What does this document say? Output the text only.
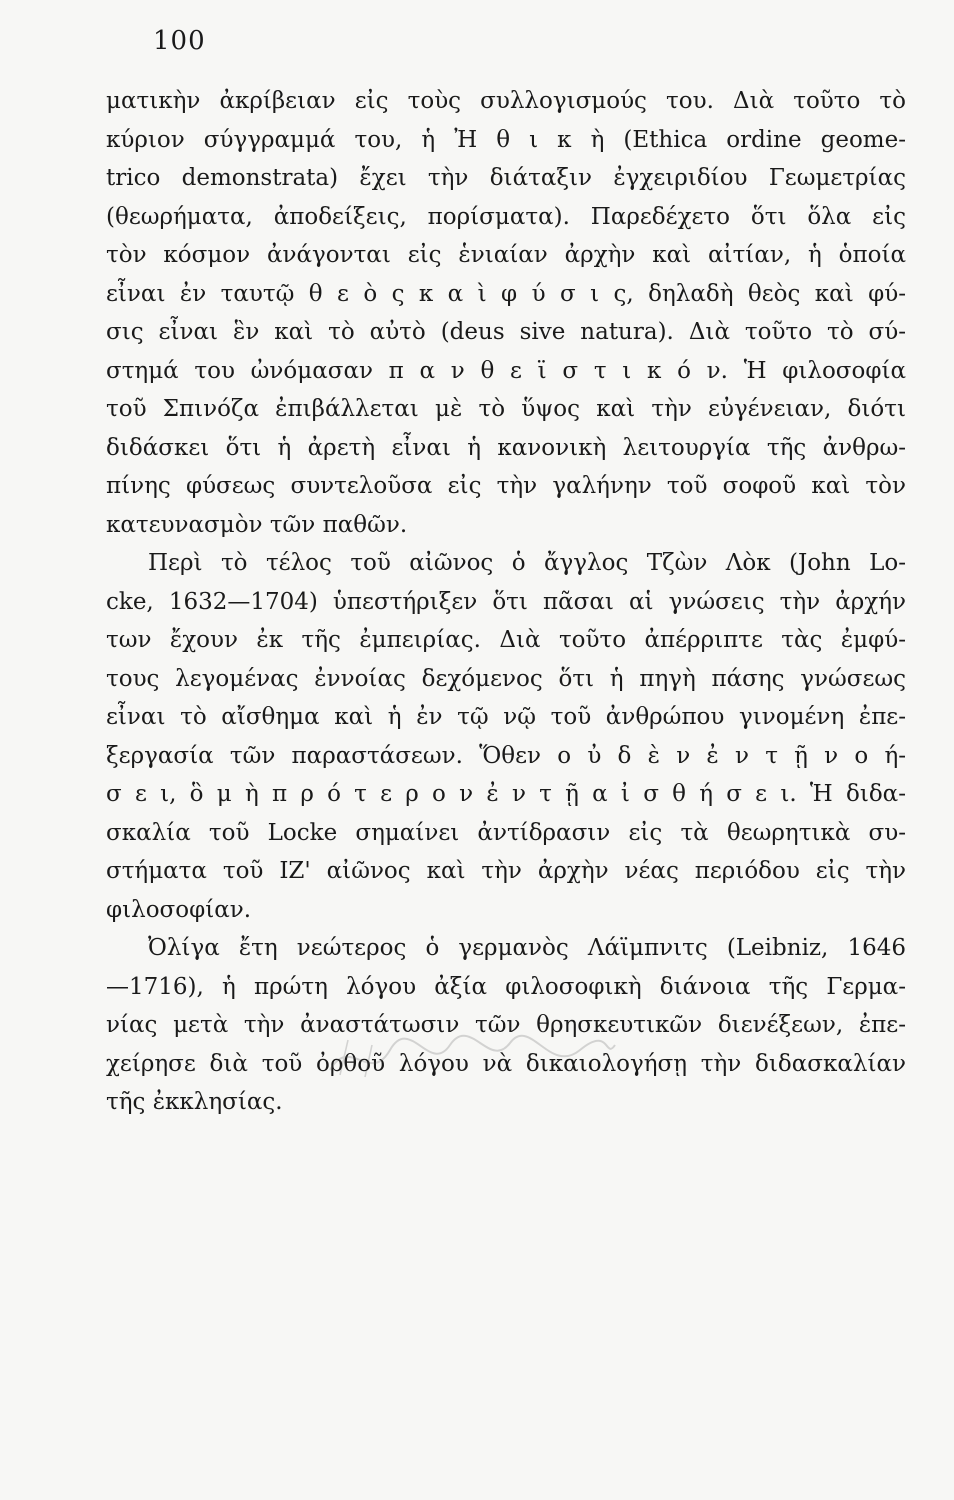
100
ματικὴν ἀκρίβειαν εἰς τοὺς συλλογισμούς του. Διὰ τοῦτο τὸ
κύριον σύγγραμμά του, ἡ Ἠ θ ι κ ὴ (Ethica ordine geome-
trico demonstrata) ἔχει τὴν διάταξιν ἐγχειριδίου Γεωμετρίας
(θεωρήματα, ἀποδείξεις, πορίσματα). Παρεδέχετο ὅτι ὅλα εἰς
τὸν κόσμον ἀνάγονται εἰς ἑνιαίαν ἀρχὴν καὶ αἰτίαν, ἡ ὁποία
εἶναι ἐν ταυτῷ θ ε ὸ ς κ α ὶ φ ύ σ ι ς, δηλαδὴ θεὸς καὶ φύ-
σις εἶναι ἓν καὶ τὸ αὐτὸ (deus sive natura). Διὰ τοῦτο τὸ σύ-
στημά του ὠνόμασαν π α ν θ ε ϊ σ τ ι κ ό ν. Ἡ φιλοσοφία
τοῦ Σπινόζα ἐπιβάλλεται μὲ τὸ ὕψος καὶ τὴν εὐγένειαν, διότι
διδάσκει ὅτι ἡ ἀρετὴ εἶναι ἡ κανονικὴ λειτουργία τῆς ἀνθρω-
πίνης φύσεως συντελοῦσα εἰς τὴν γαλήνην τοῦ σοφοῦ καὶ τὸν
κατευνασμὸν τῶν παθῶν.
Περὶ τὸ τέλος τοῦ αἰῶνος ὁ ἄγγλος Τζὼν Λὸκ (John Lo-
cke, 1632—1704) ὑπεστήριξεν ὅτι πᾶσαι αἱ γνώσεις τὴν ἀρχήν
των ἔχουν ἐκ τῆς ἐμπειρίας. Διὰ τοῦτο ἀπέρριπτε τὰς ἐμφύ-
τους λεγομένας ἐννοίας δεχόμενος ὅτι ἡ πηγὴ πάσης γνώσεως
εἶναι τὸ αἴσθημα καὶ ἡ ἐν τῷ νῷ τοῦ ἀνθρώπου γινομένη ἐπε-
ξεργασία τῶν παραστάσεων. Ὅθεν ο ὐ δ ὲ ν ἐ ν τ ῇ ν ο ή-
σ ε ι, ὃ μ ὴ π ρ ό τ ε ρ ο ν ἐ ν τ ῇ α ἰ σ θ ή σ ε ι. Ἡ διδα-
σκαλία τοῦ Locke σημαίνει ἀντίδρασιν εἰς τὰ θεωρητικὰ συ-
στήματα τοῦ ΙΖ' αἰῶνος καὶ τὴν ἀρχὴν νέας περιόδου εἰς τὴν
φιλοσοφίαν.
Ὀλίγα ἔτη νεώτερος ὁ γερμανὸς Λάϊμπνιτς (Leibniz, 1646
—1716), ἡ πρώτη λόγου ἀξία φιλοσοφικὴ διάνοια τῆς Γερμα-
νίας μετὰ τὴν ἀναστάτωσιν τῶν θρησκευτικῶν διενέξεων, ἐπε-
χείρησε διὰ τοῦ ὀρθοῦ λόγου νὰ δικαιολογήσῃ τὴν διδασκαλίαν
τῆς ἐκκλησίας.
